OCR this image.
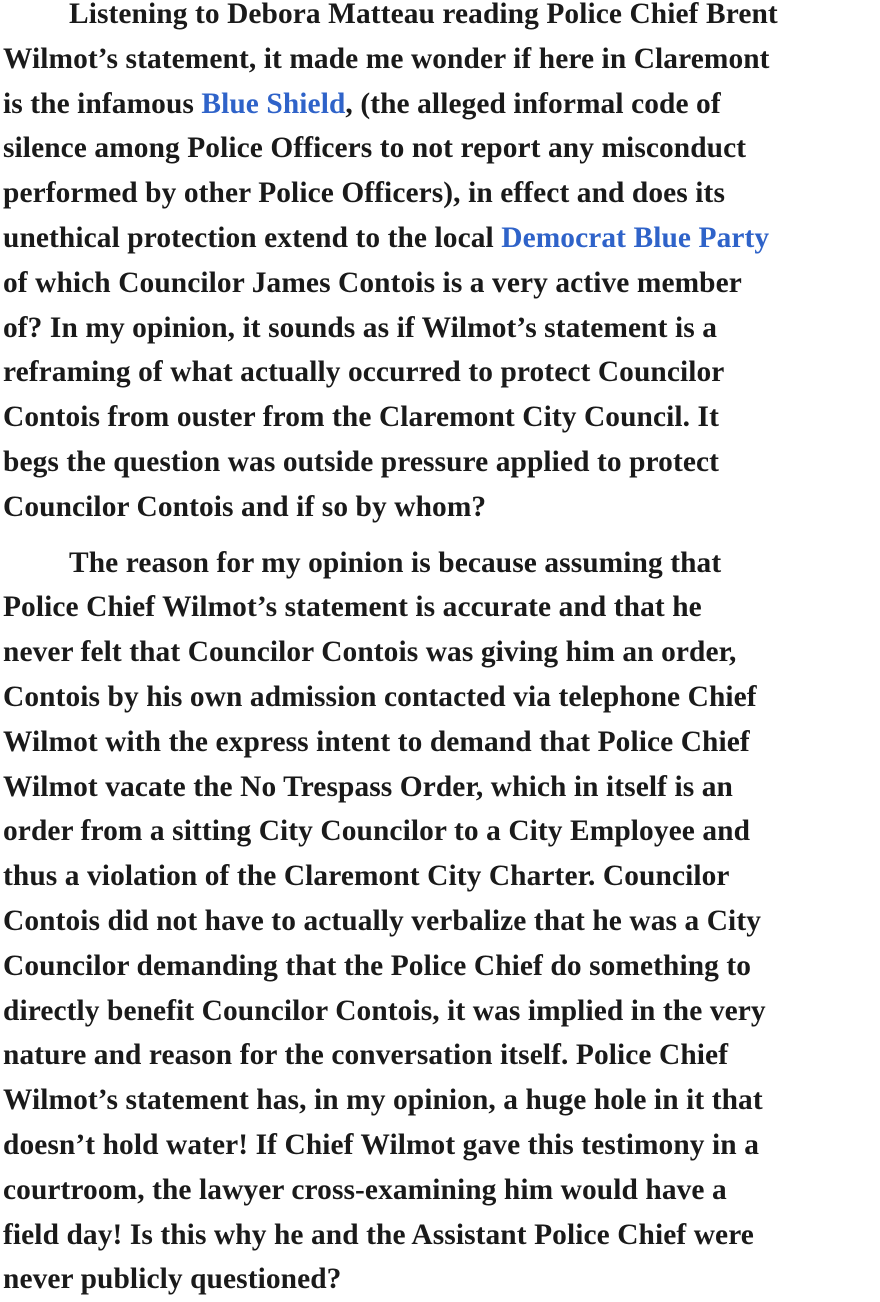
Listening to Debora Matteau reading Police Chief Brent
Wilmot’s statement, it made me wonder if here in Claremont
is the infamous Blue Shield, (the alleged informal code of
silence among Police Officers to not report any misconduct
performed by other Police Officers), in effect and does its
unethical protection extend to the local Democrat Blue Party
of which Councilor James Contois is a very active member
of? In my opinion, it sounds as if Wilmot’s statement is a
reframing of what actually occurred to protect Councilor
Contois from ouster from the Claremont City Council. It
begs the question was outside pressure applied to protect
Councilor Contois and if so by whom?

The reason for my opinion is because assuming that
Police Chief Wilmot’s statement is accurate and that he
never felt that Councilor Contois was giving him an order,
Contois by his own admission contacted via telephone Chief
Wilmot with the express intent to demand that Police Chief
Wilmot vacate the No Trespass Order, which in itself is an
order from a sitting City Councilor to a City Employee and
thus a violation of the Claremont City Charter. Councilor
Contois did not have to actually verbalize that he was a City
Councilor demanding that the Police Chief do something to
directly benefit Councilor Contois, it was implied in the very
nature and reason for the conversation itself. Police Chief
Wilmot’s statement has, in my opinion, a huge hole in it that
doesn’t hold water! If Chief Wilmot gave this testimony in a
courtroom, the lawyer cross-examining him would have a
field day! Is this why he and the Assistant Police Chief were
never publicly questioned?
